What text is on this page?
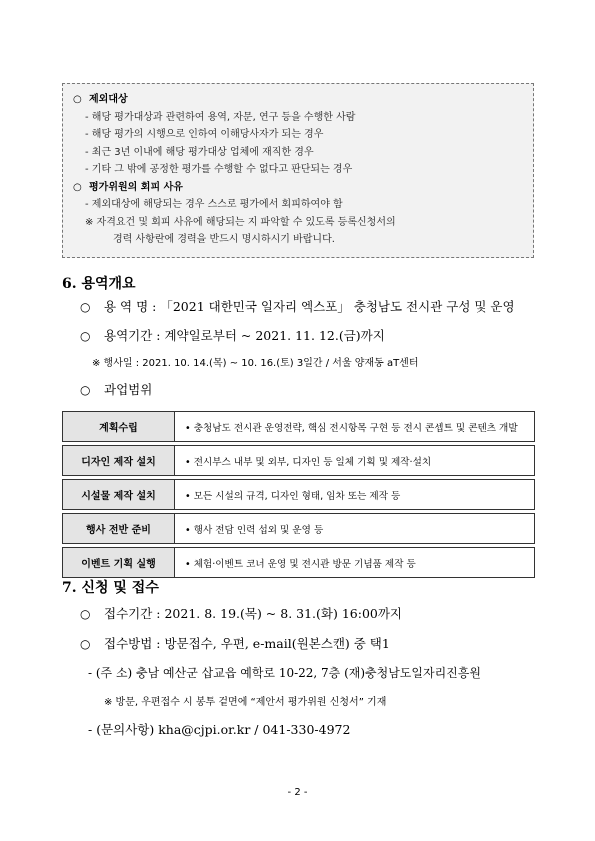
○ 제외대상
- 해당 평가대상과 관련하여 용역, 자문, 연구 등을 수행한 사람
- 해당 평가의 시행으로 인하여 이해당사자가 되는 경우
- 최근 3년 이내에 해당 평가대상 업체에 재직한 경우
- 기타 그 밖에 공정한 평가를 수행할 수 없다고 판단되는 경우
○ 평가위원의 회피 사유
- 제외대상에 해당되는 경우 스스로 평가에서 회피하여야 함
※ 자격요건 및 회피 사유에 해당되는 지 파악할 수 있도록 등록신청서의
경력 사항란에 경력을 반드시 명시하시기 바랍니다.
6. 용역개요
○ 용 역 명 : 「2021 대한민국 일자리 엑스포」 충청남도 전시관 구성 및 운영
○ 용역기간 : 계약일로부터 ~ 2021. 11. 12.(금)까지
※ 행사일 : 2021. 10. 14.(목) ~ 10. 16.(토) 3일간 / 서울 양재동 aT센터
○ 과업범위
계획수립	• 충청남도 전시관 운영전략, 핵심 전시항목 구현 등 전시 콘셉트 및 콘텐츠 개발

디자인 제작 설치	• 전시부스 내부 및 외부, 디자인 등 일체 기획 및 제작·설치

시설물 제작 설치	• 모든 시설의 규격, 디자인 형태, 임차 또는 제작 등

행사 전반 준비	• 행사 전담 인력 섭외 및 운영 등

이벤트 기획 실행	• 체험·이벤트 코너 운영 및 전시관 방문 기념품 제작 등
7. 신청 및 접수
○ 접수기간 : 2021. 8. 19.(목) ~ 8. 31.(화) 16:00까지
○ 접수방법 : 방문접수, 우편, e-mail(원본스캔) 중 택1
- (주 소) 충남 예산군 삽교읍 예학로 10-22, 7층 (재)충청남도일자리진흥원
※ 방문, 우편접수 시 봉투 겉면에 “제안서 평가위원 신청서” 기재
- (문의사항) kha@cjpi.or.kr / 041-330-4972
- 2 -
